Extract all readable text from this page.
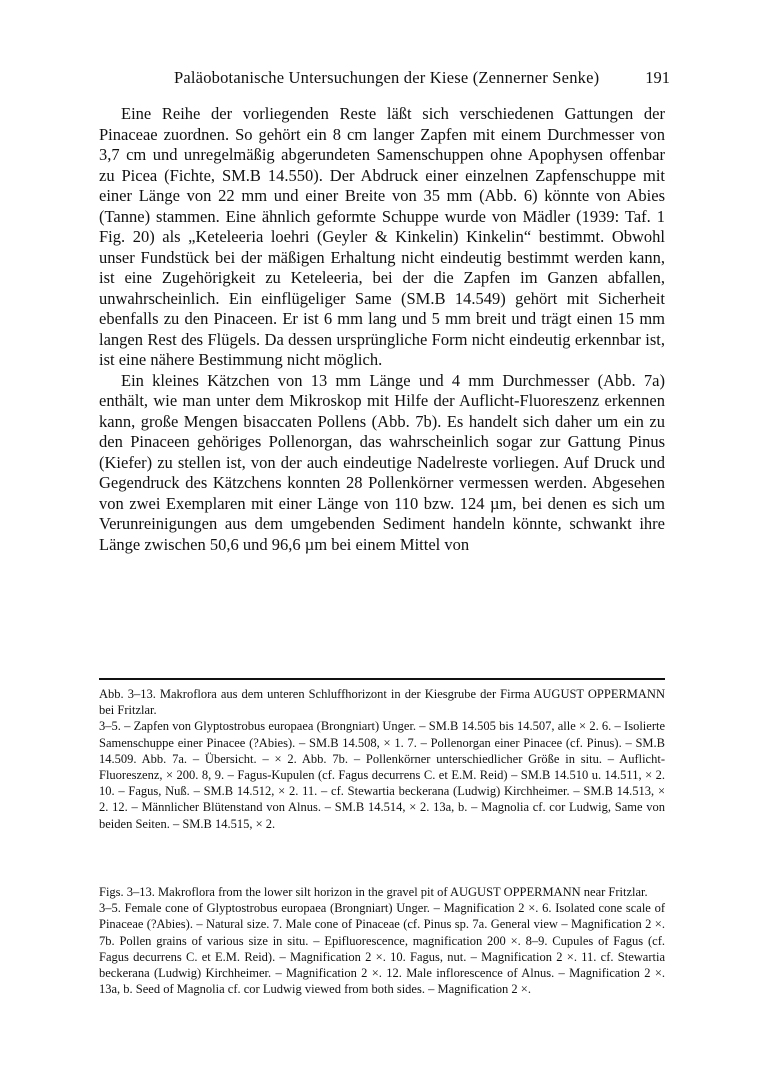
Paläobotanische Untersuchungen der Kiese (Zennerner Senke)	191

Eine Reihe der vorliegenden Reste läßt sich verschiedenen Gattungen der Pinaceae zuordnen. So gehört ein 8 cm langer Zapfen mit einem Durchmesser von 3,7 cm und unregelmäßig abgerundeten Samenschuppen ohne Apophysen offenbar zu Picea (Fichte, SM.B 14.550). Der Abdruck einer einzelnen Zapfenschuppe mit einer Länge von 22 mm und einer Breite von 35 mm (Abb. 6) könnte von Abies (Tanne) stammen. Eine ähnlich geformte Schuppe wurde von Mädler (1939: Taf. 1 Fig. 20) als „Keteleeria loehri (Geyler & Kinkelin) Kinkelin“ bestimmt. Obwohl unser Fundstück bei der mäßigen Erhaltung nicht eindeutig bestimmt werden kann, ist eine Zugehörigkeit zu Keteleeria, bei der die Zapfen im Ganzen abfallen, unwahrscheinlich. Ein einflügeliger Same (SM.B 14.549) gehört mit Sicherheit ebenfalls zu den Pinaceen. Er ist 6 mm lang und 5 mm breit und trägt einen 15 mm langen Rest des Flügels. Da dessen ursprüngliche Form nicht eindeutig erkennbar ist, ist eine nähere Bestimmung nicht möglich.

Ein kleines Kätzchen von 13 mm Länge und 4 mm Durchmesser (Abb. 7a) enthält, wie man unter dem Mikroskop mit Hilfe der Auflicht-Fluoreszenz erkennen kann, große Mengen bisaccaten Pollens (Abb. 7b). Es handelt sich daher um ein zu den Pinaceen gehöriges Pollenorgan, das wahrscheinlich sogar zur Gattung Pinus (Kiefer) zu stellen ist, von der auch eindeutige Nadelreste vorliegen. Auf Druck und Gegendruck des Kätzchens konnten 28 Pollenkörner vermessen werden. Abgesehen von zwei Exemplaren mit einer Länge von 110 bzw. 124 µm, bei denen es sich um Verunreinigungen aus dem umgebenden Sediment handeln könnte, schwankt ihre Länge zwischen 50,6 und 96,6 µm bei einem Mittel von

Abb. 3–13. Makroflora aus dem unteren Schluffhorizont in der Kiesgrube der Firma AUGUST OPPERMANN bei Fritzlar.

3–5. – Zapfen von Glyptostrobus europaea (Brongniart) Unger. – SM.B 14.505 bis 14.507, alle × 2. 6. – Isolierte Samenschuppe einer Pinacee (?Abies). – SM.B 14.508, × 1. 7. – Pollenorgan einer Pinacee (cf. Pinus). – SM.B 14.509. Abb. 7a. – Übersicht. – × 2. Abb. 7b. – Pollenkörner unterschiedlicher Größe in situ. – Auflicht-Fluoreszenz, × 200. 8, 9. – Fagus-Kupulen (cf. Fagus decurrens C. et E.M. Reid) – SM.B 14.510 u. 14.511, × 2. 10. – Fagus, Nuß. – SM.B 14.512, × 2. 11. – cf. Stewartia beckerana (Ludwig) Kirchheimer. – SM.B 14.513, × 2. 12. – Männlicher Blütenstand von Alnus. – SM.B 14.514, × 2. 13a, b. – Magnolia cf. cor Ludwig, Same von beiden Seiten. – SM.B 14.515, × 2.

Figs. 3–13. Makroflora from the lower silt horizon in the gravel pit of AUGUST OPPERMANN near Fritzlar.

3–5. Female cone of Glyptostrobus europaea (Brongniart) Unger. – Magnification 2 ×. 6. Isolated cone scale of Pinaceae (?Abies). – Natural size. 7. Male cone of Pinaceae (cf. Pinus sp. 7a. General view – Magnification 2 ×. 7b. Pollen grains of various size in situ. – Epifluorescence, magnification 200 ×. 8–9. Cupules of Fagus (cf. Fagus decurrens C. et E.M. Reid). – Magnification 2 ×. 10. Fagus, nut. – Magnification 2 ×. 11. cf. Stewartia beckerana (Ludwig) Kirchheimer. – Magnification 2 ×. 12. Male inflorescence of Alnus. – Magnification 2 ×. 13a, b. Seed of Magnolia cf. cor Ludwig viewed from both sides. – Magnification 2 ×.
